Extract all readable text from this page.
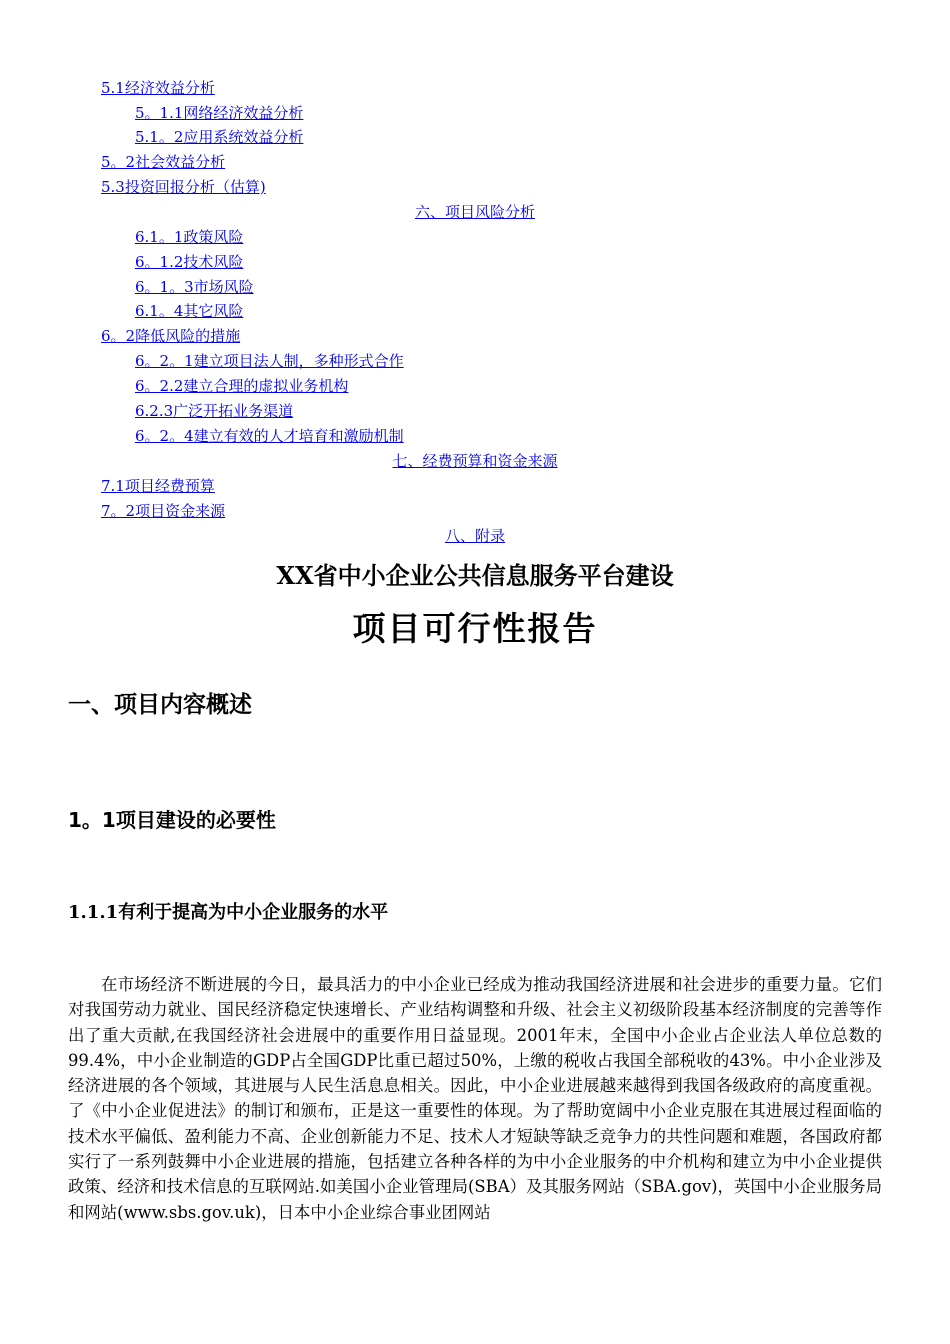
5.1经济效益分析
5。1.1网络经济效益分析
5.1。2应用系统效益分析
5。2社会效益分析
5.3投资回报分析（估算)
六、项目风险分析
6.1。1政策风险
6。1.2技术风险
6。1。3市场风险
6.1。4其它风险
6。2降低风险的措施
6。2。1建立项目法人制，多种形式合作
6。2.2建立合理的虚拟业务机构
6.2.3广泛开拓业务渠道
6。2。4建立有效的人才培育和激励机制
七、经费预算和资金来源
7.1项目经费预算
7。2项目资金来源
八、附录
XX省中小企业公共信息服务平台建设
项目可行性报告
一、项目内容概述
1。1项目建设的必要性
1.1.1有利于提高为中小企业服务的水平
在市场经济不断进展的今日，最具活力的中小企业已经成为推动我国经济进展和社会进步的重要力量。它们对我国劳动力就业、国民经济稳定快速增长、产业结构调整和升级、社会主义初级阶段基本经济制度的完善等作出了重大贡献,在我国经济社会进展中的重要作用日益显现。2001年末，全国中小企业占企业法人单位总数的99.4%，中小企业制造的GDP占全国GDP比重已超过50%，上缴的税收占我国全部税收的43%。中小企业涉及经济进展的各个领域，其进展与人民生活息息相关。因此，中小企业进展越来越得到我国各级政府的高度重视。了《中小企业促进法》的制订和颁布，正是这一重要性的体现。为了帮助宽阔中小企业克服在其进展过程面临的技术水平偏低、盈利能力不高、企业创新能力不足、技术人才短缺等缺乏竞争力的共性问题和难题，各国政府都实行了一系列鼓舞中小企业进展的措施，包括建立各种各样的为中小企业服务的中介机构和建立为中小企业提供政策、经济和技术信息的互联网站.如美国小企业管理局(SBA）及其服务网站（SBA.gov)，英国中小企业服务局和网站(www.sbs.gov.uk)，日本中小企业综合事业团网站
